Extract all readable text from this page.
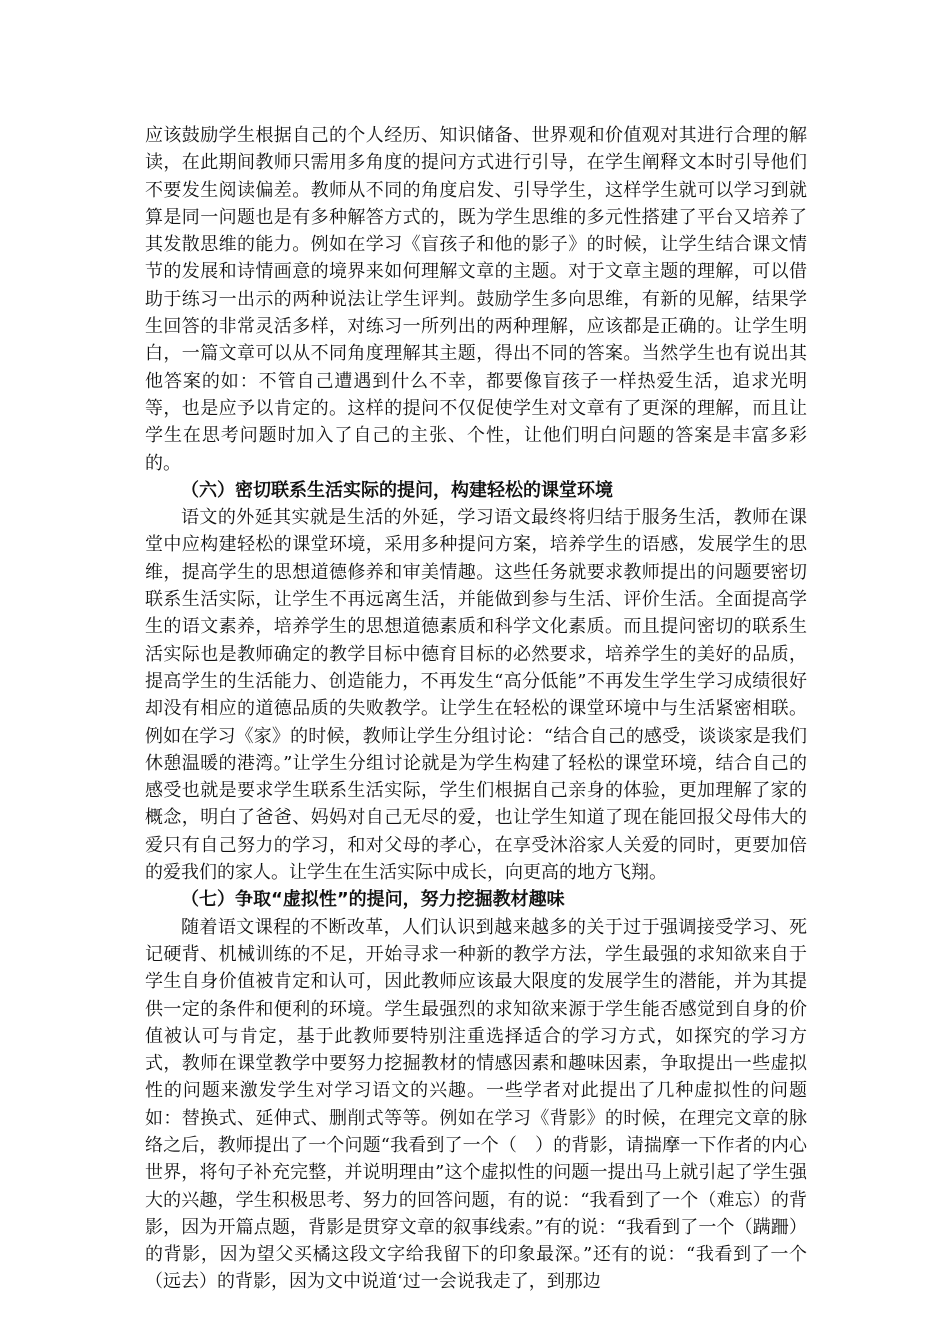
应该鼓励学生根据自己的个人经历、知识储备、世界观和价值观对其进行合理的解读，在此期间教师只需用多角度的提问方式进行引导，在学生阐释文本时引导他们不要发生阅读偏差。教师从不同的角度启发、引导学生，这样学生就可以学习到就算是同一问题也是有多种解答方式的，既为学生思维的多元性搭建了平台又培养了其发散思维的能力。例如在学习《盲孩子和他的影子》的时候，让学生结合课文情节的发展和诗情画意的境界来如何理解文章的主题。对于文章主题的理解，可以借助于练习一出示的两种说法让学生评判。鼓励学生多向思维，有新的见解，结果学生回答的非常灵活多样，对练习一所列出的两种理解，应该都是正确的。让学生明白，一篇文章可以从不同角度理解其主题，得出不同的答案。当然学生也有说出其他答案的如：不管自己遭遇到什么不幸，都要像盲孩子一样热爱生活，追求光明等，也是应予以肯定的。这样的提问不仅促使学生对文章有了更深的理解，而且让学生在思考问题时加入了自己的主张、个性，让他们明白问题的答案是丰富多彩的。

（六）密切联系生活实际的提问，构建轻松的课堂环境

语文的外延其实就是生活的外延，学习语文最终将归结于服务生活，教师在课堂中应构建轻松的课堂环境，采用多种提问方案，培养学生的语感，发展学生的思维，提高学生的思想道德修养和审美情趣。这些任务就要求教师提出的问题要密切联系生活实际，让学生不再远离生活，并能做到参与生活、评价生活。全面提高学生的语文素养，培养学生的思想道德素质和科学文化素质。而且提问密切的联系生活实际也是教师确定的教学目标中德育目标的必然要求，培养学生的美好的品质，提高学生的生活能力、创造能力，不再发生“高分低能”不再发生学生学习成绩很好却没有相应的道德品质的失败教学。让学生在轻松的课堂环境中与生活紧密相联。例如在学习《家》的时候，教师让学生分组讨论：“结合自己的感受，谈谈家是我们休憩温暖的港湾。”让学生分组讨论就是为学生构建了轻松的课堂环境，结合自己的感受也就是要求学生联系生活实际，学生们根据自己亲身的体验，更加理解了家的概念，明白了爸爸、妈妈对自己无尽的爱，也让学生知道了现在能回报父母伟大的爱只有自己努力的学习，和对父母的孝心，在享受沐浴家人关爱的同时，更要加倍的爱我们的家人。让学生在生活实际中成长，向更高的地方飞翔。

（七）争取“虚拟性”的提问，努力挖掘教材趣味

随着语文课程的不断改革，人们认识到越来越多的关于过于强调接受学习、死记硬背、机械训练的不足，开始寻求一种新的教学方法，学生最强的求知欲来自于学生自身价值被肯定和认可，因此教师应该最大限度的发展学生的潜能，并为其提供一定的条件和便利的环境。学生最强烈的求知欲来源于学生能否感觉到自身的价值被认可与肯定，基于此教师要特别注重选择适合的学习方式，如探究的学习方式，教师在课堂教学中要努力挖掘教材的情感因素和趣味因素，争取提出一些虚拟性的问题来激发学生对学习语文的兴趣。一些学者对此提出了几种虚拟性的问题如：替换式、延伸式、删削式等等。例如在学习《背影》的时候，在理完文章的脉络之后，教师提出了一个问题“我看到了一个（　）的背影，请揣摩一下作者的内心世界，将句子补充完整，并说明理由”这个虚拟性的问题一提出马上就引起了学生强大的兴趣，学生积极思考、努力的回答问题，有的说：“我看到了一个（难忘）的背影，因为开篇点题，背影是贯穿文章的叙事线索。”有的说：“我看到了一个（蹒跚）的背影，因为望父买橘这段文字给我留下的印象最深。”还有的说：“我看到了一个（远去）的背影，因为文中说道‘过一会说我走了，到那边
